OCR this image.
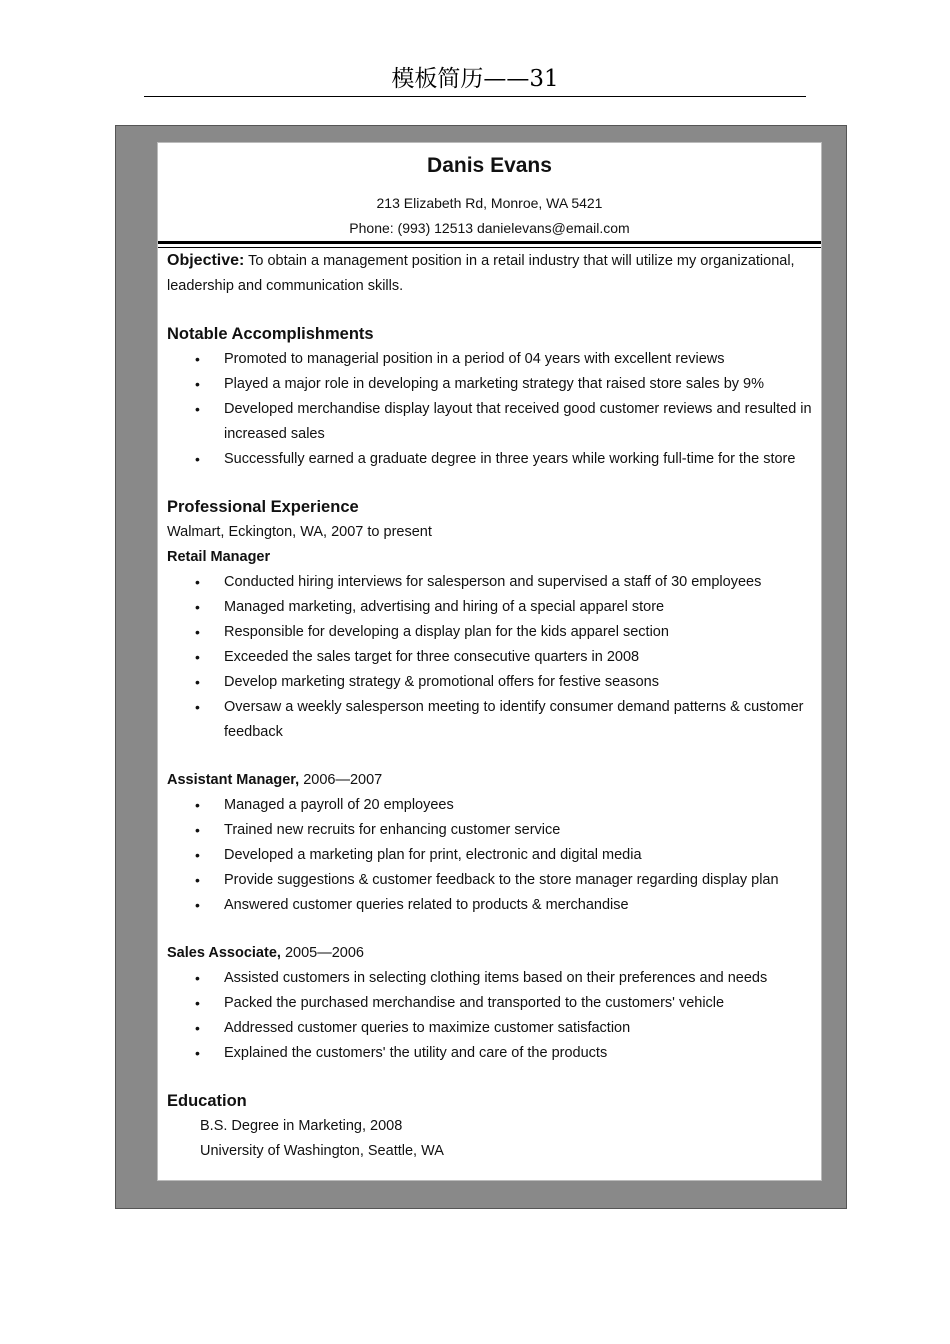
模板简历——31
Danis Evans
213 Elizabeth Rd, Monroe, WA 5421
Phone: (993) 12513 danielevans@email.com

Objective: To obtain a management position in a retail industry that will utilize my organizational, leadership and communication skills.

Notable Accomplishments

• Promoted to managerial position in a period of 04 years with excellent reviews
• Played a major role in developing a marketing strategy that raised store sales by 9%
• Developed merchandise display layout that received good customer reviews and resulted in increased sales
• Successfully earned a graduate degree in three years while working full-time for the store

Professional Experience

Walmart, Eckington, WA, 2007 to present

Retail Manager

• Conducted hiring interviews for salesperson and supervised a staff of 30 employees
• Managed marketing, advertising and hiring of a special apparel store
• Responsible for developing a display plan for the kids apparel section
• Exceeded the sales target for three consecutive quarters in 2008
• Develop marketing strategy & promotional offers for festive seasons
• Oversaw a weekly salesperson meeting to identify consumer demand patterns & customer feedback

Assistant Manager, 2006—2007

• Managed a payroll of 20 employees
• Trained new recruits for enhancing customer service
• Developed a marketing plan for print, electronic and digital media
• Provide suggestions & customer feedback to the store manager regarding display plan
• Answered customer queries related to products & merchandise

Sales Associate, 2005—2006

• Assisted customers in selecting clothing items based on their preferences and needs
• Packed the purchased merchandise and transported to the customers' vehicle
• Addressed customer queries to maximize customer satisfaction
• Explained the customers' the utility and care of the products

Education

B.S. Degree in Marketing, 2008

University of Washington, Seattle, WA
